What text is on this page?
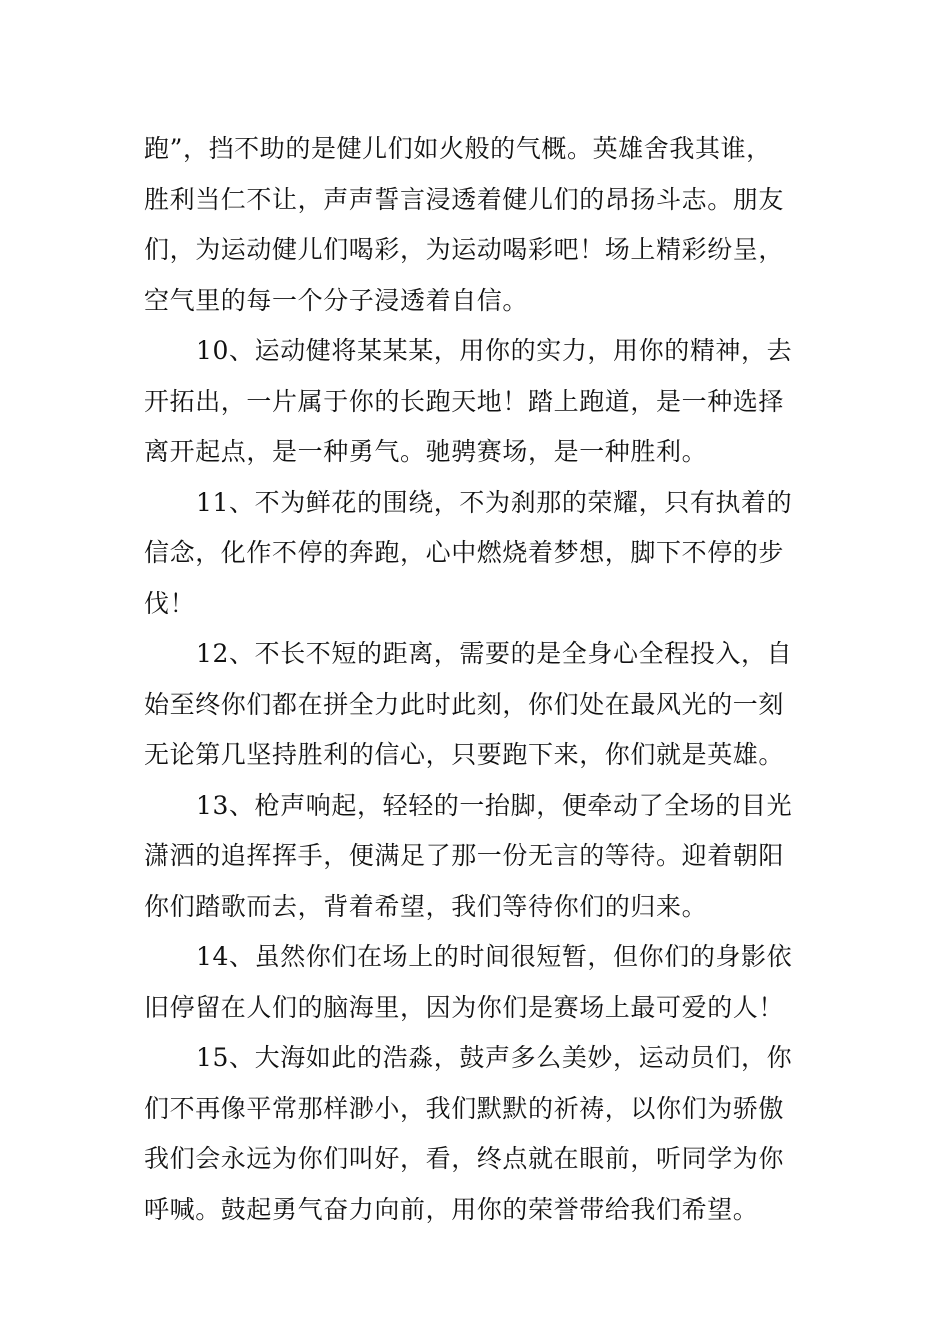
跑”，挡不助的是健儿们如火般的气概。英雄舍我其谁，
胜利当仁不让，声声誓言浸透着健儿们的昂扬斗志。朋友
们，为运动健儿们喝彩，为运动喝彩吧！场上精彩纷呈，
空气里的每一个分子浸透着自信。
10、运动健将某某某，用你的实力，用你的精神，去
开拓出，一片属于你的长跑天地！踏上跑道，是一种选择
离开起点，是一种勇气。驰骋赛场，是一种胜利。
11、不为鲜花的围绕，不为刹那的荣耀，只有执着的
信念，化作不停的奔跑，心中燃烧着梦想，脚下不停的步
伐！
12、不长不短的距离，需要的是全身心全程投入，自
始至终你们都在拼全力此时此刻，你们处在最风光的一刻
无论第几坚持胜利的信心，只要跑下来，你们就是英雄。
13、枪声响起，轻轻的一抬脚，便牵动了全场的目光
潇洒的追挥挥手，便满足了那一份无言的等待。迎着朝阳
你们踏歌而去，背着希望，我们等待你们的归来。
14、虽然你们在场上的时间很短暂，但你们的身影依
旧停留在人们的脑海里，因为你们是赛场上最可爱的人！
15、大海如此的浩淼，鼓声多么美妙，运动员们，你
们不再像平常那样渺小，我们默默的祈祷，以你们为骄傲
我们会永远为你们叫好，看，终点就在眼前，听同学为你
呼喊。鼓起勇气奋力向前，用你的荣誉带给我们希望。
